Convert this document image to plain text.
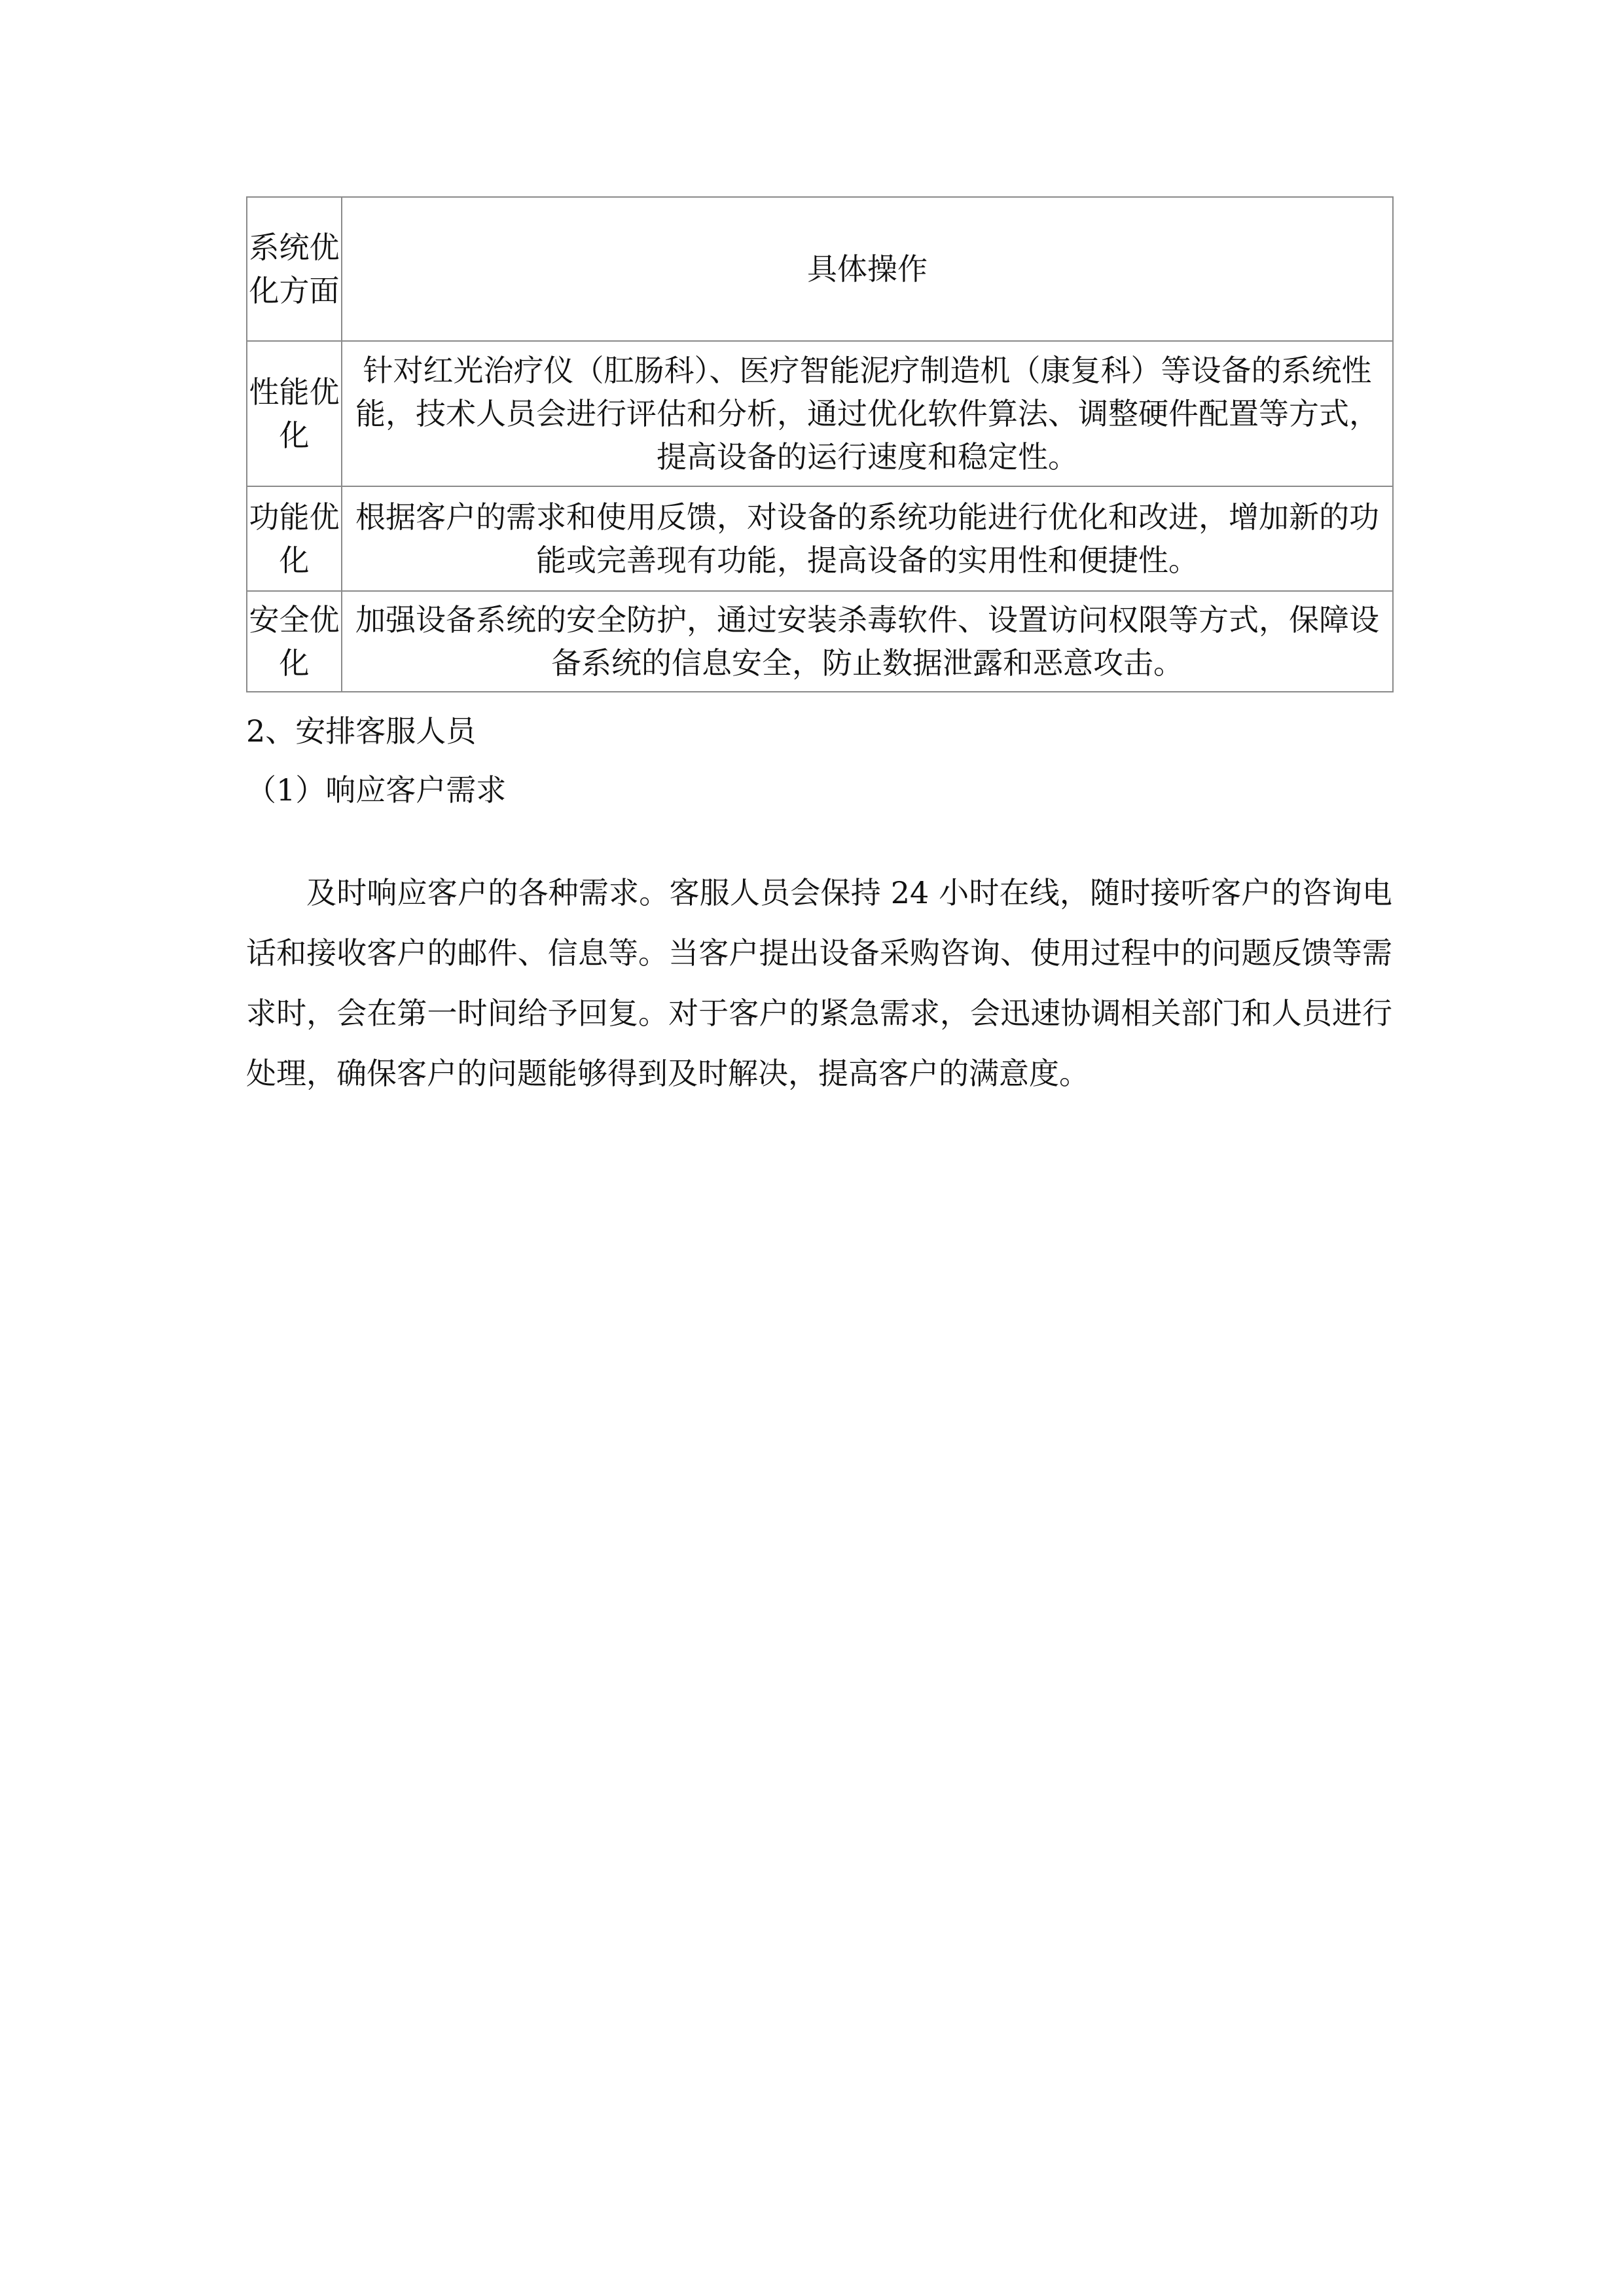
系统优化方面	具体操作
性能优化	针对红光治疗仪（肛肠科）、医疗智能泥疗制造机（康复科）等设备的系统性能，技术人员会进行评估和分析，通过优化软件算法、调整硬件配置等方式，提高设备的运行速度和稳定性。
功能优化	根据客户的需求和使用反馈，对设备的系统功能进行优化和改进，增加新的功能或完善现有功能，提高设备的实用性和便捷性。
安全优化	加强设备系统的安全防护，通过安装杀毒软件、设置访问权限等方式，保障设备系统的信息安全，防止数据泄露和恶意攻击。
2、安排客服人员
（1）响应客户需求

及时响应客户的各种需求。客服人员会保持 24 小时在线，随时接听客户的咨询电话和接收客户的邮件、信息等。当客户提出设备采购咨询、使用过程中的问题反馈等需求时，会在第一时间给予回复。对于客户的紧急需求，会迅速协调相关部门和人员进行处理，确保客户的问题能够得到及时解决，提高客户的满意度。
